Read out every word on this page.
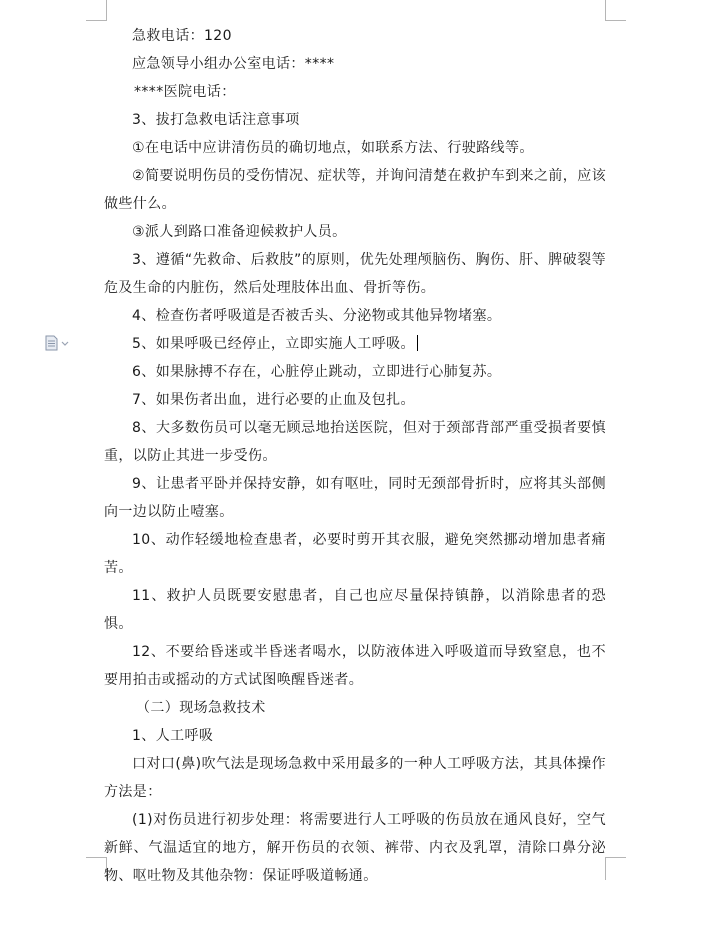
急救电话：120

应急领导小组办公室电话：****

****医院电话：

3、拔打急救电话注意事项

①在电话中应讲清伤员的确切地点，如联系方法、行驶路线等。

②简要说明伤员的受伤情况、症状等，并询问清楚在救护车到来之前，应该做些什么。

③派人到路口准备迎候救护人员。

3、遵循“先救命、后救肢”的原则，优先处理颅脑伤、胸伤、肝、脾破裂等危及生命的内脏伤，然后处理肢体出血、骨折等伤。

4、检查伤者呼吸道是否被舌头、分泌物或其他异物堵塞。

5、如果呼吸已经停止，立即实施人工呼吸。

6、如果脉搏不存在，心脏停止跳动，立即进行心肺复苏。

7、如果伤者出血，进行必要的止血及包扎。

8、大多数伤员可以毫无顾忌地抬送医院，但对于颈部背部严重受损者要慎重，以防止其进一步受伤。

9、让患者平卧并保持安静，如有呕吐，同时无颈部骨折时，应将其头部侧向一边以防止噎塞。

10、动作轻缓地检查患者，必要时剪开其衣服，避免突然挪动增加患者痛苦。

11、救护人员既要安慰患者，自己也应尽量保持镇静，以消除患者的恐惧。

12、不要给昏迷或半昏迷者喝水，以防液体进入呼吸道而导致窒息，也不要用拍击或摇动的方式试图唤醒昏迷者。

（二）现场急救技术

1、人工呼吸

口对口(鼻)吹气法是现场急救中采用最多的一种人工呼吸方法，其具体操作方法是：

(1)对伤员进行初步处理：将需要进行人工呼吸的伤员放在通风良好，空气新鲜、气温适宜的地方，解开伤员的衣领、裤带、内衣及乳罩，清除口鼻分泌物、呕吐物及其他杂物：保证呼吸道畅通。
